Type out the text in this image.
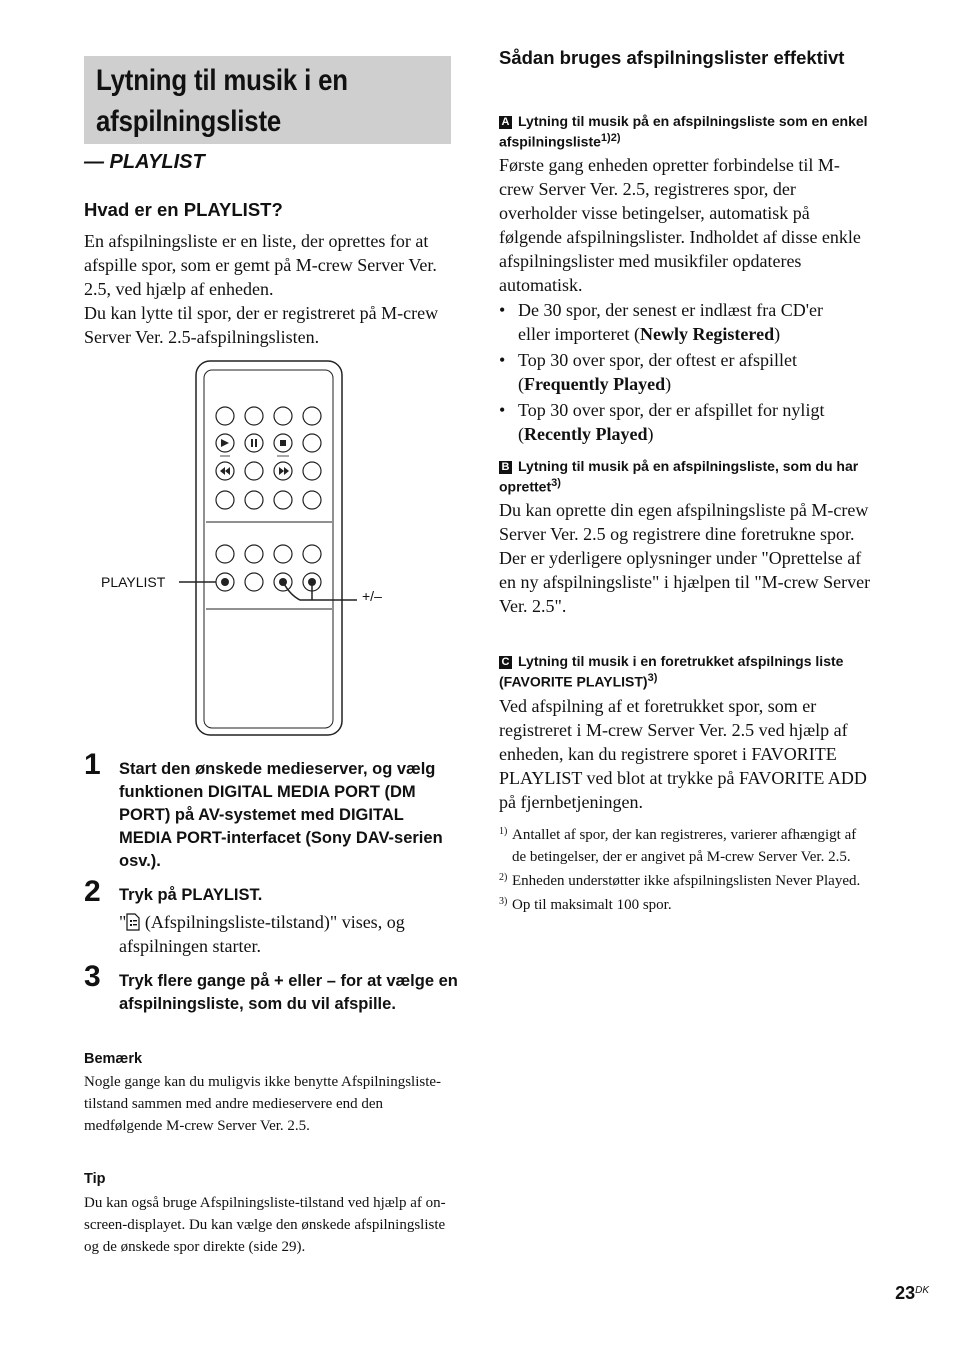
Lytning til musik i en afspilningsliste
— PLAYLIST
Hvad er en PLAYLIST?
En afspilningsliste er en liste, der oprettes for at afspille spor, som er gemt på M-crew Server Ver. 2.5, ved hjælp af enheden.
Du kan lytte til spor, der er registreret på M-crew Server Ver. 2.5-afspilningslisten.
PLAYLIST
+/–
1 Start den ønskede medieserver, og vælg funktionen DIGITAL MEDIA PORT (DM PORT) på AV-systemet med DIGITAL MEDIA PORT-interfacet (Sony DAV-serien osv.).
2 Tryk på PLAYLIST.
" (Afspilningsliste-tilstand)" vises, og afspilningen starter.
3 Tryk flere gange på + eller – for at vælge en afspilningsliste, som du vil afspille.
Bemærk
Nogle gange kan du muligvis ikke benytte Afspilningsliste-tilstand sammen med andre medieservere end den medfølgende M-crew Server Ver. 2.5.
Tip
Du kan også bruge Afspilningsliste-tilstand ved hjælp af on-screen-displayet. Du kan vælge den ønskede afspilningsliste og de ønskede spor direkte (side 29).
Sådan bruges afspilningslister effektivt
A Lytning til musik på en afspilningsliste som en enkel afspilningsliste$^{1)2)}$
Første gang enheden opretter forbindelse til M-crew Server Ver. 2.5, registreres spor, der overholder visse betingelser, automatisk på følgende afspilningslister. Indholdet af disse enkle afspilningslister med musikfiler opdateres automatisk.
• De 30 spor, der senest er indlæst fra CD'er eller importeret (Newly Registered)
• Top 30 over spor, der oftest er afspillet (Frequently Played)
• Top 30 over spor, der er afspillet for nyligt (Recently Played)
B Lytning til musik på en afspilningsliste, som du har oprettet$^{3)}$
Du kan oprette din egen afspilningsliste på M-crew Server Ver. 2.5 og registrere dine foretrukne spor.
Der er yderligere oplysninger under "Oprettelse af en ny afspilningsliste" i hjælpen til "M-crew Server Ver. 2.5".
C Lytning til musik i en foretrukket afspilnings liste (FAVORITE PLAYLIST)$^{3)}$
Ved afspilning af et foretrukket spor, som er registreret i M-crew Server Ver. 2.5 ved hjælp af enheden, kan du registrere sporet i FAVORITE PLAYLIST ved blot at trykke på FAVORITE ADD på fjernbetjeningen.
1) Antallet af spor, der kan registreres, varierer afhængigt af de betingelser, der er angivet på M-crew Server Ver. 2.5.
2) Enheden understøtter ikke afspilningslisten Never Played.
3) Op til maksimalt 100 spor.
$23^{DK}$
